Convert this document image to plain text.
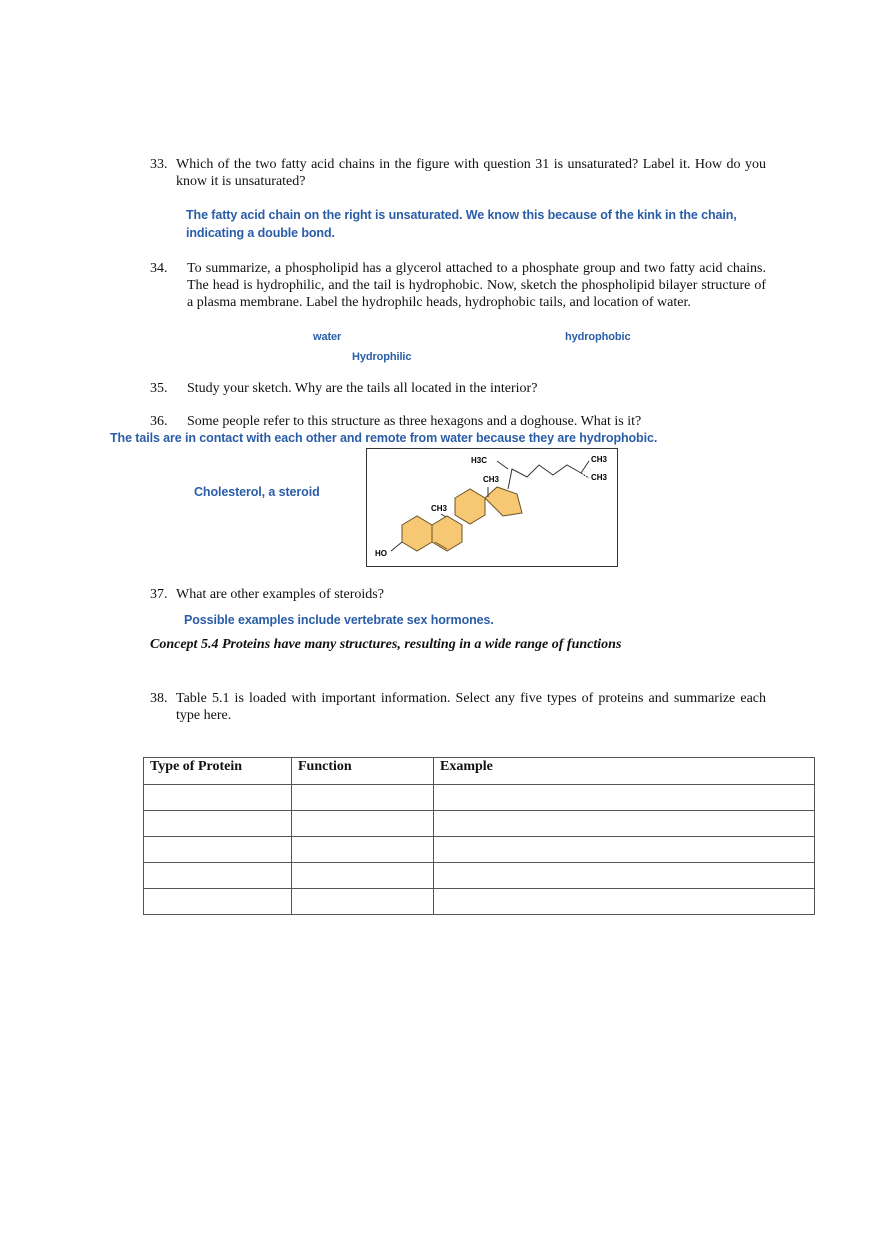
33. Which of the two fatty acid chains in the figure with question 31 is unsaturated? Label it. How do you know it is unsaturated?
The fatty acid chain on the right is unsaturated. We know this because of the kink in the chain,
indicating a double bond.
34.	To summarize, a phospholipid has a glycerol attached to a phosphate group and two fatty acid chains. The head is hydrophilic, and the tail is hydrophobic. Now, sketch the phospholipid bilayer structure of a plasma membrane. Label the hydrophilc heads, hydrophobic tails, and location of water.
water	hydrophobic
Hydrophilic
35.	Study your sketch. Why are the tails all located in the interior?
36.	Some people refer to this structure as three hexagons and a doghouse. What is it?
The tails are in contact with each other and remote from water because they are hydrophobic.
Cholesterol, a steroid
H3C	CH3
CH3
CH3
CH3
HO
37. What are other examples of steroids?
Possible examples include vertebrate sex hormones.
Concept 5.4 Proteins have many structures, resulting in a wide range of functions
38. Table 5.1 is loaded with important information. Select any five types of proteins and summarize each type here.
Type of Protein	Function	Example
